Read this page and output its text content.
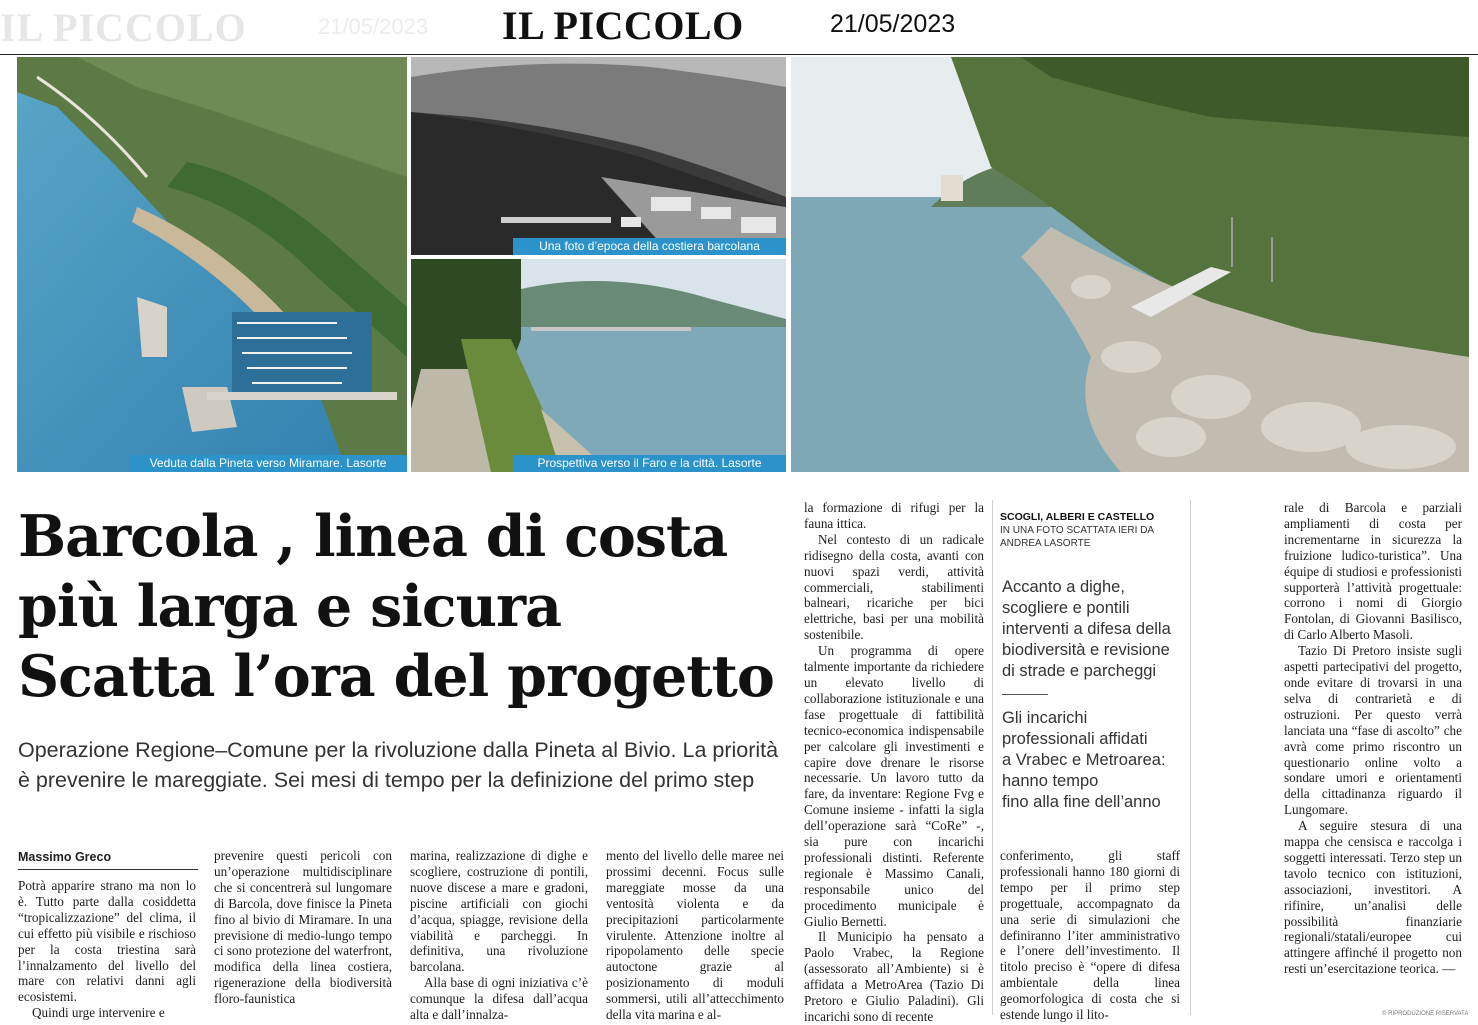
IL PICCOLO	21/05/2023 IL PICCOLO	21/05/2023
Veduta dalla Pineta verso Miramare. Lasorte
Una foto d’epoca della costiera barcolana
Prospettiva verso il Faro e la città. Lasorte
Barcola , linea di costa
più larga e sicura
Scatta l’ora del progetto

Operazione Regione–Comune per la rivoluzione dalla Pineta al Bivio. La priorità
è prevenire le mareggiate. Sei mesi di tempo per la definizione del primo step

Massimo Greco

Potrà apparire strano ma non lo è. Tutto parte dalla cosiddetta “tropicalizzazione” del clima, il cui effetto più visibile e rischioso per la costa triestina sarà l’innalzamento del livello del mare con relativi danni agli ecosistemi.

Quindi urge intervenire e

prevenire questi pericoli con un’operazione multidisciplinare che si concentrerà sul lungomare di Barcola, dove finisce la Pineta fino al bivio di Miramare. In una previsione di medio-lungo tempo ci sono protezione del waterfront, modifica della linea costiera, rigenerazione della biodiversità floro-faunistica

marina, realizzazione di dighe e scogliere, costruzione di pontili, nuove discese a mare e gradoni, piscine artificiali con giochi d’acqua, spiagge, revisione della viabilità e parcheggi. In definitiva, una rivoluzione barcolana.

Alla base di ogni iniziativa c’è comunque la difesa dall’acqua alta e dall’innalza-

mento del livello delle maree nei prossimi decenni. Focus sulle mareggiate mosse da una ventosità violenta e da precipitazioni particolarmente virulente. Attenzione inoltre al ripopolamento delle specie autoctone grazie al posizionamento di moduli sommersi, utili all’attecchimento della vita marina e al-

la formazione di rifugi per la fauna ittica.

Nel contesto di un radicale ridisegno della costa, avanti con nuovi spazi verdi, attività commerciali, stabilimenti balneari, ricariche per bici elettriche, basi per una mobilità sostenibile.

Un programma di opere talmente importante da richiedere un elevato livello di collaborazione istituzionale e una fase progettuale di fattibilità tecnico-economica indispensabile per calcolare gli investimenti e capire dove drenare le risorse necessarie. Un lavoro tutto da fare, da inventare: Regione Fvg e Comune insieme - infatti la sigla dell’operazione sarà “CoRe” -, sia pure con incarichi professionali distinti. Referente regionale è Massimo Canali, responsabile unico del procedimento municipale è Giulio Bernetti.

Il Municipio ha pensato a Paolo Vrabec, la Regione (assessorato all’Ambiente) si è affidata a MetroArea (Tazio Di Pretoro e Giulio Paladini). Gli incarichi sono di recente

SCOGLI, ALBERI E CASTELLO
IN UNA FOTO SCATTATA IERI DA ANDREA LASORTE

Accanto a dighe,
scogliere e pontili
interventi a difesa della
biodiversità e revisione
di strade e parcheggi

Gli incarichi
professionali affidati
a Vrabec e Metroarea:
hanno tempo
fino alla fine dell’anno

conferimento, gli staff professionali hanno 180 giorni di tempo per il primo step progettuale, accompagnato da una serie di simulazioni che definiranno l’iter amministrativo e l’onere dell’investimento. Il titolo preciso è “opere di difesa ambientale della linea geomorfologica di costa che si estende lungo il lito-

rale di Barcola e parziali ampliamenti di costa per incrementarne in sicurezza la fruizione ludico-turistica”. Una équipe di studiosi e professionisti supporterà l’attività progettuale: corrono i nomi di Giorgio Fontolan, di Giovanni Basilisco, di Carlo Alberto Masoli.

Tazio Di Pretoro insiste sugli aspetti partecipativi del progetto, onde evitare di trovarsi in una selva di contrarietà e di ostruzioni. Per questo verrà lanciata una “fase di ascolto” che avrà come primo riscontro un questionario online volto a sondare umori e orientamenti della cittadinanza riguardo il Lungomare.

A seguire stesura di una mappa che censisca e raccolga i soggetti interessati. Terzo step un tavolo tecnico con istituzioni, associazioni, investitori. A rifinire, un’analisi delle possibilità finanziarie regionali/statali/europee cui attingere affinché il progetto non resti un’esercitazione teorica. —

© RIPRODUZIONE RISERVATA
